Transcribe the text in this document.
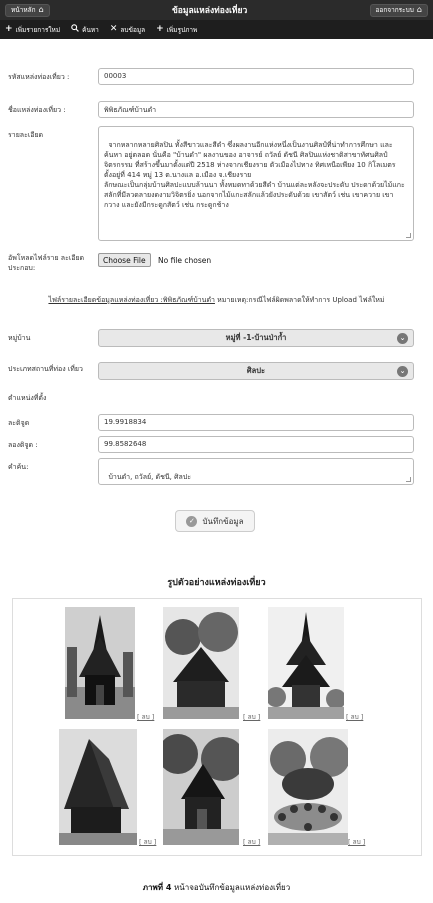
หน้าหลัก ⌂	ข้อมูลแหล่งท่องเที่ยว	ออกจากระบบ ⌂
+ เพิ่มรายการใหม่	ค้นหา ✕ ลบข้อมูล + เพิ่มรูปภาพ
รหัสแหล่งท่องเที่ยว :	00003
ชื่อแหล่งท่องเที่ยว :	พิพิธภัณฑ์บ้านดำ
รายละเอียด

จากหลากหลายศิลปิน ทั้งสีขาวและสีดำ ซึ่งผลงานอีกแห่งหนึ่งเป็นงานศิลป์ที่น่าทำการศึกษา และค้นหา อยู่ตลอด นั่นคือ "บ้านดำ" ผลงานของ อาจารย์ ถวัลย์ ดัชนี ศิลปินแห่งชาติสาขาทัศนศิลป์ จิตรกรรม ที่สร้างขึ้นมาตั้งแต่ปี 2518 ห่างจากเชียงราย ตัวเมืองไปทาง ทิศเหนือเพียง 10 กิโลเมตร
ตั้งอยู่ที่ 414 หมู่ 13 ต.นางแล อ.เมือง จ.เชียงราย
ลักษณะเป็นกลุ่มบ้านศิลปะแบบล้านนา ทั้งหมดทาด้วยสีดำ บ้านแต่ละหลังจะประดับ ประดาด้วยไม้แกะสลักที่มีลวดลายงดงามวิจิตรยิ่ง นอกจากไม้แกะสลักแล้วยังประดับด้วย เขาสัตว์ เช่น เขาควาย เขากวาง และยังมีกระดูกสัตว์ เช่น กระดูกช้าง

อัพโหลดไฟล์ราย ละเอียดประกอบ:
Choose File	No file chosen
ไฟล์รายละเอียดข้อมูลแหล่งท่องเที่ยว :พิพิธภัณฑ์บ้านดำ หมายเหตุ:กรณีไฟล์ผิดพลาดให้ทำการ Upload ไฟล์ใหม่
หมู่บ้าน	หมู่ที่ -1-บ้านป่าก้ำ	⌄
ประเภทสถานที่ท่อง เที่ยว	ศิลปะ	⌄
ตำแหน่งที่ตั้ง
ละติจูด	19.9918834
ลองติจูด :	99.8582648
คำค้น:

บ้านดำ, ถวัลย์, ดัชนี, ศิลปะ

✓ บันทึกข้อมูล
รูปตัวอย่างแหล่งท่องเที่ยว
[ ลบ ]	[ ลบ ]	[ ลบ ]
[ ลบ ]	[ ลบ ]	[ ลบ ]
ภาพที่ 4 หน้าจอบันทึกข้อมูลแหล่งท่องเที่ยว
